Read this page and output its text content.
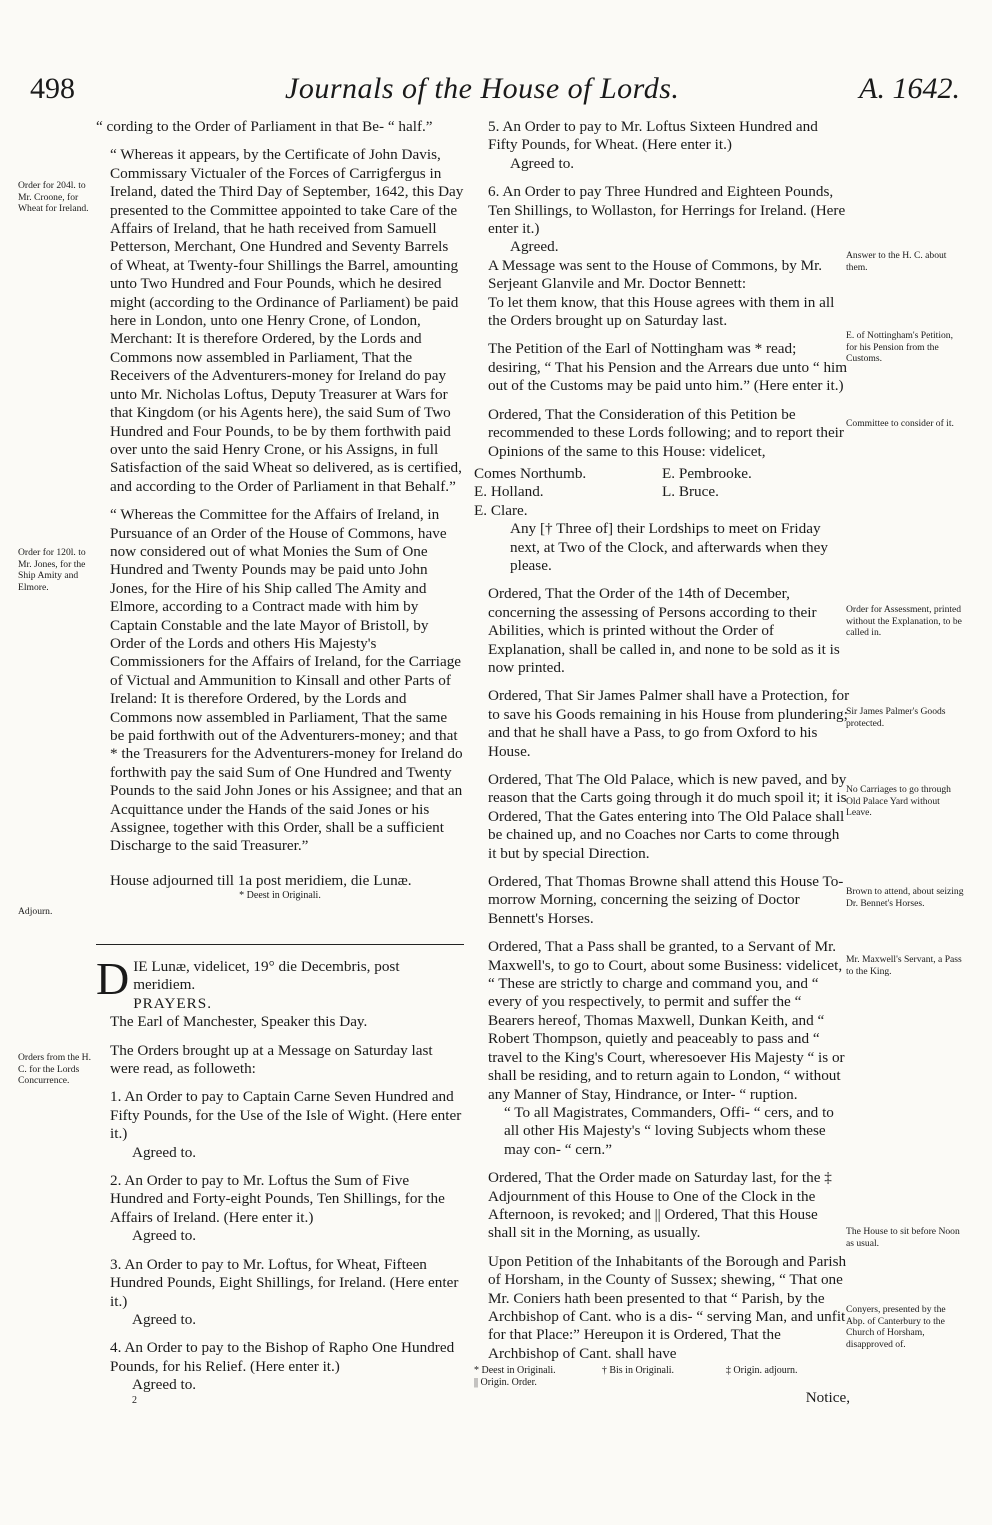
498	Journals of the House of Lords.	A. 1642.
Order for 204l. to Mr. Croone, for Wheat for Ireland.
Order for 120l. to Mr. Jones, for the Ship Amity and Elmore.
Adjourn.
Orders from the H. C. for the Lords Concurrence.

“ cording to the Order of Parliament in that Be- “ half.”

“ Whereas it appears, by the Certificate of John Davis, Commissary Victualer of the Forces of Carrigfergus in Ireland, dated the Third Day of September, 1642, this Day presented to the Committee appointed to take Care of the Affairs of Ireland, that he hath received from Samuell Petterson, Merchant, One Hundred and Seventy Barrels of Wheat, at Twenty-four Shillings the Barrel, amounting unto Two Hundred and Four Pounds, which he desired might (according to the Ordinance of Parliament) be paid here in London, unto one Henry Crone, of London, Merchant: It is therefore Ordered, by the Lords and Commons now assembled in Parliament, That the Receivers of the Adventurers-money for Ireland do pay unto Mr. Nicholas Loftus, Deputy Treasurer at Wars for that Kingdom (or his Agents here), the said Sum of Two Hundred and Four Pounds, to be by them forthwith paid over unto the said Henry Crone, or his Assigns, in full Satisfaction of the said Wheat so delivered, as is certified, and according to the Order of Parliament in that Behalf.”

“ Whereas the Committee for the Affairs of Ireland, in Pursuance of an Order of the House of Commons, have now considered out of what Monies the Sum of One Hundred and Twenty Pounds may be paid unto John Jones, for the Hire of his Ship called The Amity and Elmore, according to a Contract made with him by Captain Constable and the late Mayor of Bristoll, by Order of the Lords and others His Majesty's Commissioners for the Affairs of Ireland, for the Carriage of Victual and Ammunition to Kinsall and other Parts of Ireland: It is therefore Ordered, by the Lords and Commons now assembled in Parliament, That the same be paid forthwith out of the Adventurers-money; and that * the Treasurers for the Adventurers-money for Ireland do forthwith pay the said Sum of One Hundred and Twenty Pounds to the said John Jones or his Assignee; and that an Acquittance under the Hands of the said Jones or his Assignee, together with this Order, shall be a sufficient Discharge to the said Treasurer.”

House adjourned till 1a post meridiem, die Lunæ.

* Deest in Originali.

DIE Lunæ, videlicet, 19° die Decembris, post meridiem.

PRAYERS.

The Earl of Manchester, Speaker this Day.

The Orders brought up at a Message on Saturday last were read, as followeth:

1. An Order to pay to Captain Carne Seven Hundred and Fifty Pounds, for the Use of the Isle of Wight. (Here enter it.)

Agreed to.

2. An Order to pay to Mr. Loftus the Sum of Five Hundred and Forty-eight Pounds, Ten Shillings, for the Affairs of Ireland. (Here enter it.)

Agreed to.

3. An Order to pay to Mr. Loftus, for Wheat, Fifteen Hundred Pounds, Eight Shillings, for Ireland. (Here enter it.)

Agreed to.

4. An Order to pay to the Bishop of Rapho One Hundred Pounds, for his Relief. (Here enter it.)

Agreed to.

2

5. An Order to pay to Mr. Loftus Sixteen Hundred and Fifty Pounds, for Wheat. (Here enter it.)

Agreed to.

6. An Order to pay Three Hundred and Eighteen Pounds, Ten Shillings, to Wollaston, for Herrings for Ireland. (Here enter it.)

Agreed.

A Message was sent to the House of Commons, by Mr. Serjeant Glanvile and Mr. Doctor Bennett:

To let them know, that this House agrees with them in all the Orders brought up on Saturday last.

The Petition of the Earl of Nottingham was * read; desiring, “ That his Pension and the Arrears due unto “ him out of the Customs may be paid unto him.” (Here enter it.)

Ordered, That the Consideration of this Petition be recommended to these Lords following; and to report their Opinions of the same to this House: videlicet,

Comes Northumb.	E. Pembrooke.
E. Holland.	L. Bruce.
E. Clare.

Any [† Three of] their Lordships to meet on Friday next, at Two of the Clock, and afterwards when they please.

Ordered, That the Order of the 14th of December, concerning the assessing of Persons according to their Abilities, which is printed without the Order of Explanation, shall be called in, and none to be sold as it is now printed.

Ordered, That Sir James Palmer shall have a Protection, for to save his Goods remaining in his House from plundering; and that he shall have a Pass, to go from Oxford to his House.

Ordered, That The Old Palace, which is new paved, and by reason that the Carts going through it do much spoil it; it is Ordered, That the Gates entering into The Old Palace shall be chained up, and no Coaches nor Carts to come through it but by special Direction.

Ordered, That Thomas Browne shall attend this House To-morrow Morning, concerning the seizing of Doctor Bennett's Horses.

Ordered, That a Pass shall be granted, to a Servant of Mr. Maxwell's, to go to Court, about some Business: videlicet,

“ These are strictly to charge and command you, and “ every of you respectively, to permit and suffer the “ Bearers hereof, Thomas Maxwell, Dunkan Keith, and “ Robert Thompson, quietly and peaceably to pass and “ travel to the King's Court, wheresoever His Majesty “ is or shall be residing, and to return again to London, “ without any Manner of Stay, Hindrance, or Inter- “ ruption.

“ To all Magistrates, Commanders, Offi- “ cers, and to all other His Majesty's “ loving Subjects whom these may con- “ cern.”

Ordered, That the Order made on Saturday last, for the ‡ Adjournment of this House to One of the Clock in the Afternoon, is revoked; and || Ordered, That this House shall sit in the Morning, as usually.

Upon Petition of the Inhabitants of the Borough and Parish of Horsham, in the County of Sussex; shewing, “ That one Mr. Coniers hath been presented to that “ Parish, by the Archbishop of Cant. who is a dis- “ serving Man, and unfit for that Place:” Hereupon it is Ordered, That the Archbishop of Cant. shall have

* Deest in Originali.	† Bis in Originali.	‡ Origin. adjourn.
|| Origin. Order.

Notice,

Answer to the H. C. about them.
E. of Nottingham's Petition, for his Pension from the Customs.
Committee to consider of it.
Order for Assessment, printed without the Explanation, to be called in.
Sir James Palmer's Goods protected.
No Carriages to go through Old Palace Yard without Leave.
Brown to attend, about seizing Dr. Bennet's Horses.
Mr. Maxwell's Servant, a Pass to the King.
The House to sit before Noon as usual.
Conyers, presented by the Abp. of Canterbury to the Church of Horsham, disapproved of.
